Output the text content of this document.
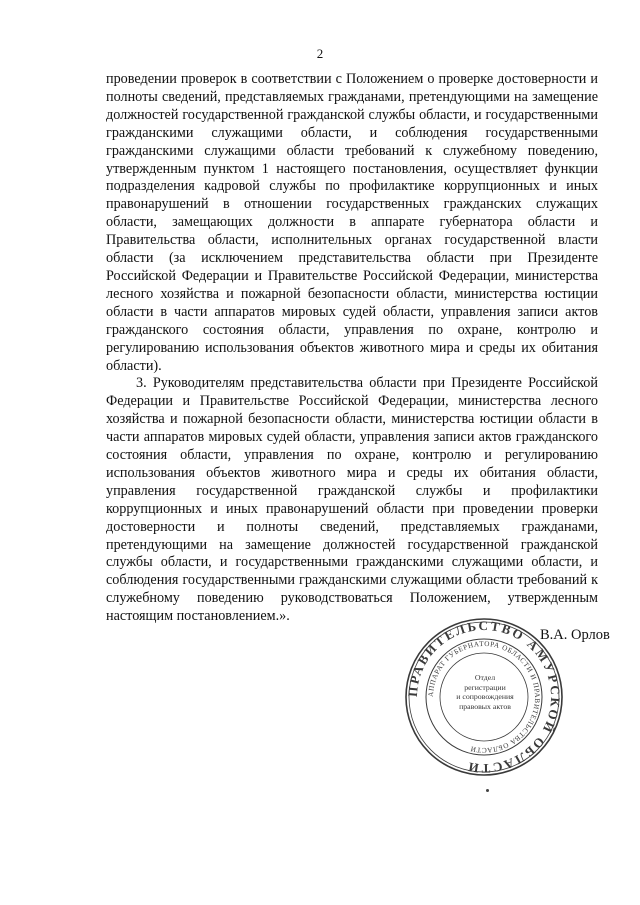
2

проведении проверок в соответствии с Положением о проверке достоверности и полноты сведений, представляемых гражданами, претендующими на замещение должностей государственной гражданской службы области, и государственными гражданскими служащими области, и соблюдения государственными гражданскими служащими области требований к служебному поведению, утвержденным пунктом 1 настоящего постановления, осуществляет функции подразделения кадровой службы по профилактике коррупционных и иных правонарушений в отношении государственных гражданских служащих области, замещающих должности в аппарате губернатора области и Правительства области, исполнительных органах государственной власти области (за исключением представительства области при Президенте Российской Федерации и Правительстве Российской Федерации, министерства лесного хозяйства и пожарной безопасности области, министерства юстиции области в части аппаратов мировых судей области, управления записи актов гражданского состояния области, управления по охране, контролю и регулированию использования объектов животного мира и среды их обитания области).

3. Руководителям представительства области при Президенте Российской Федерации и Правительстве Российской Федерации, министерства лесного хозяйства и пожарной безопасности области, министерства юстиции области в части аппаратов мировых судей области, управления записи актов гражданского состояния области, управления по охране, контролю и регулированию использования объектов животного мира и среды их обитания области, управления государственной гражданской службы и профилактики коррупционных и иных правонарушений области при проведении проверки достоверности и полноты сведений, представляемых гражданами, претендующими на замещение должностей государственной гражданской службы области, и государственными гражданскими служащими области, и соблюдения государственными гражданскими служащими области требований к служебному поведению руководствоваться Положением, утвержденным настоящим постановлением.».

ПРАВИТЕЛЬСТВО АМУРСКОЙ ОБЛАСТИ
АППАРАТ ГУБЕРНАТОРА ОБЛАСТИ И ПРАВИТЕЛЬСТВА ОБЛАСТИ
Отдел
регистрации
и сопровождения
правовых актов
В.А. Орлов
